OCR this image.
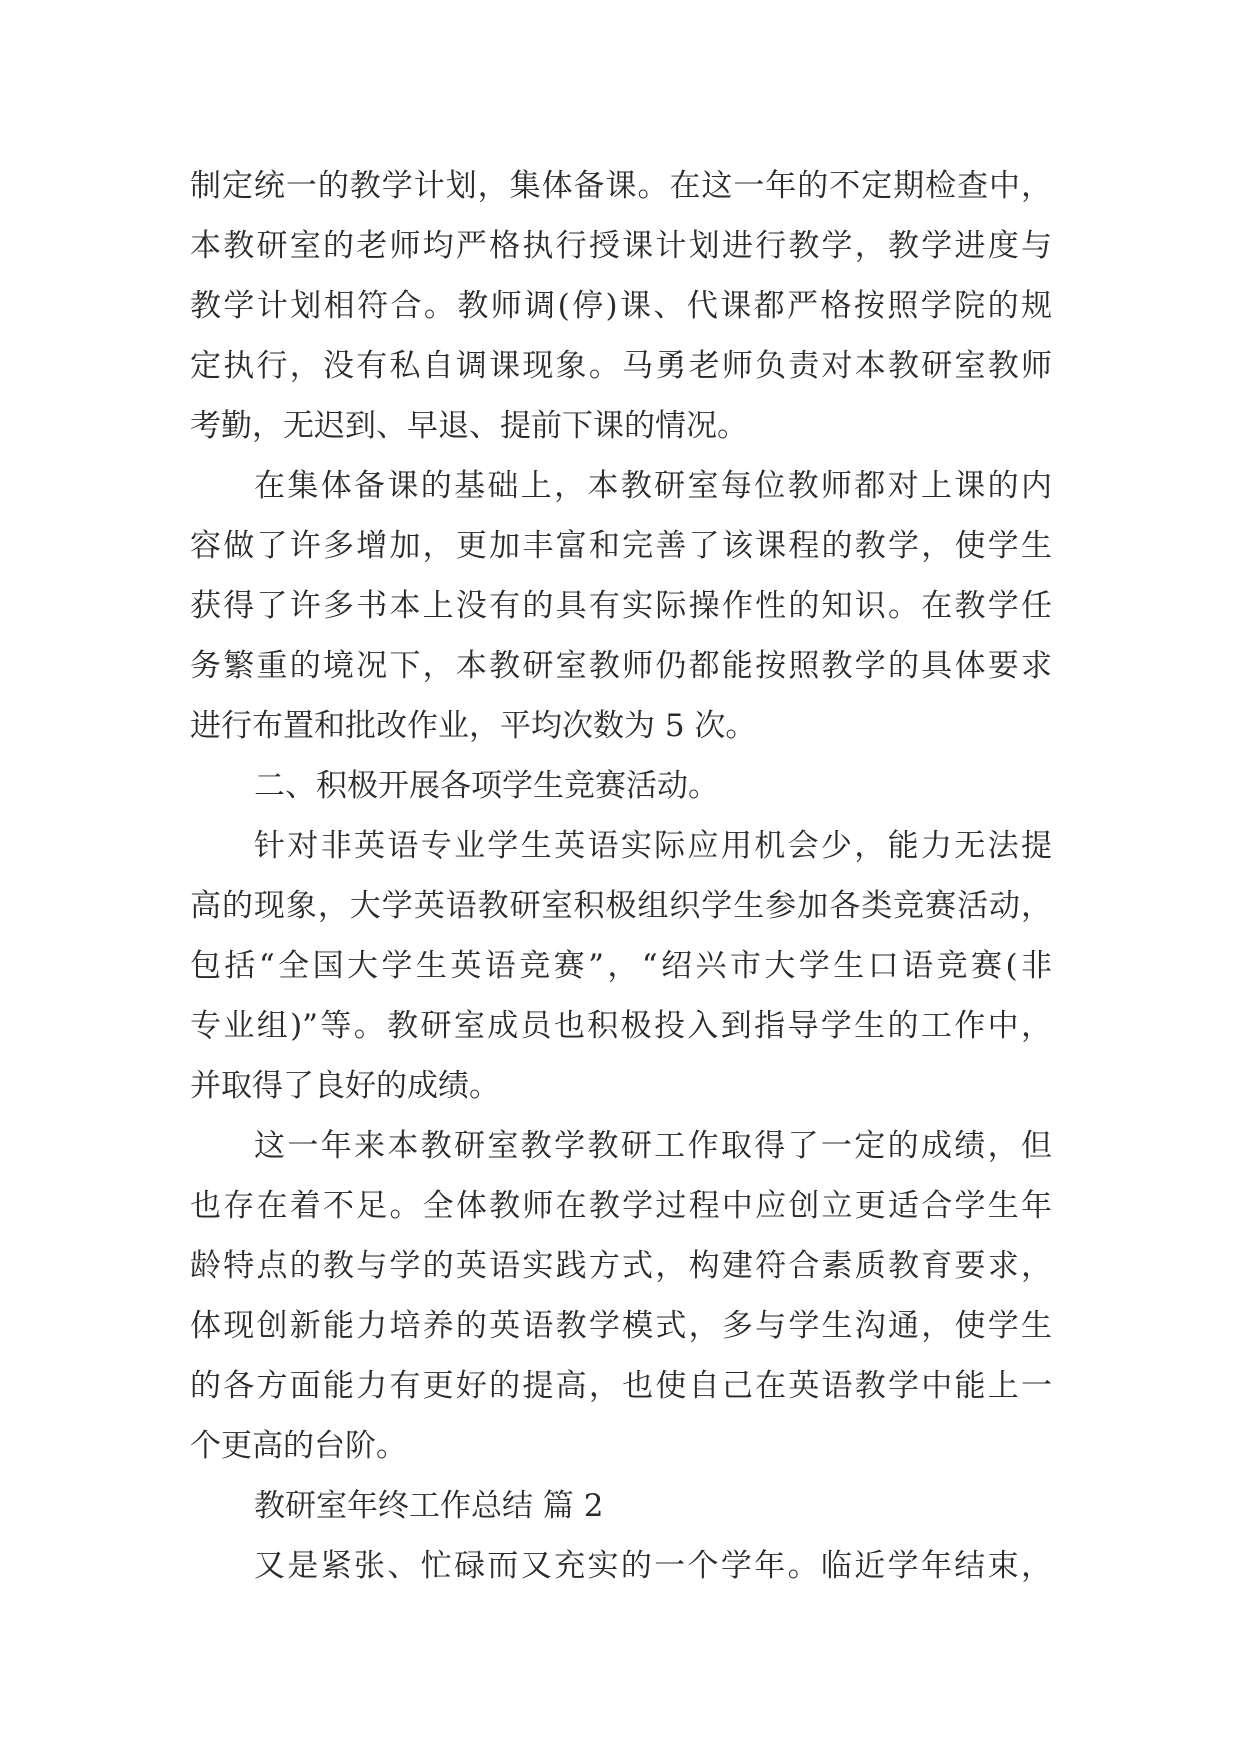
制定统一的教学计划，集体备课。在这一年的不定期检查中，
本教研室的老师均严格执行授课计划进行教学，教学进度与
教学计划相符合。教师调(停)课、代课都严格按照学院的规
定执行，没有私自调课现象。马勇老师负责对本教研室教师
考勤，无迟到、早退、提前下课的情况。
在集体备课的基础上，本教研室每位教师都对上课的内
容做了许多增加，更加丰富和完善了该课程的教学，使学生
获得了许多书本上没有的具有实际操作性的知识。在教学任
务繁重的境况下，本教研室教师仍都能按照教学的具体要求
进行布置和批改作业，平均次数为 5 次。
二、积极开展各项学生竞赛活动。
针对非英语专业学生英语实际应用机会少，能力无法提
高的现象，大学英语教研室积极组织学生参加各类竞赛活动，
包括“全国大学生英语竞赛”，“绍兴市大学生口语竞赛(非
专业组)”等。教研室成员也积极投入到指导学生的工作中，
并取得了良好的成绩。
这一年来本教研室教学教研工作取得了一定的成绩，但
也存在着不足。全体教师在教学过程中应创立更适合学生年
龄特点的教与学的英语实践方式，构建符合素质教育要求，
体现创新能力培养的英语教学模式，多与学生沟通，使学生
的各方面能力有更好的提高，也使自己在英语教学中能上一
个更高的台阶。
教研室年终工作总结 篇 2
又是紧张、忙碌而又充实的一个学年。临近学年结束，
